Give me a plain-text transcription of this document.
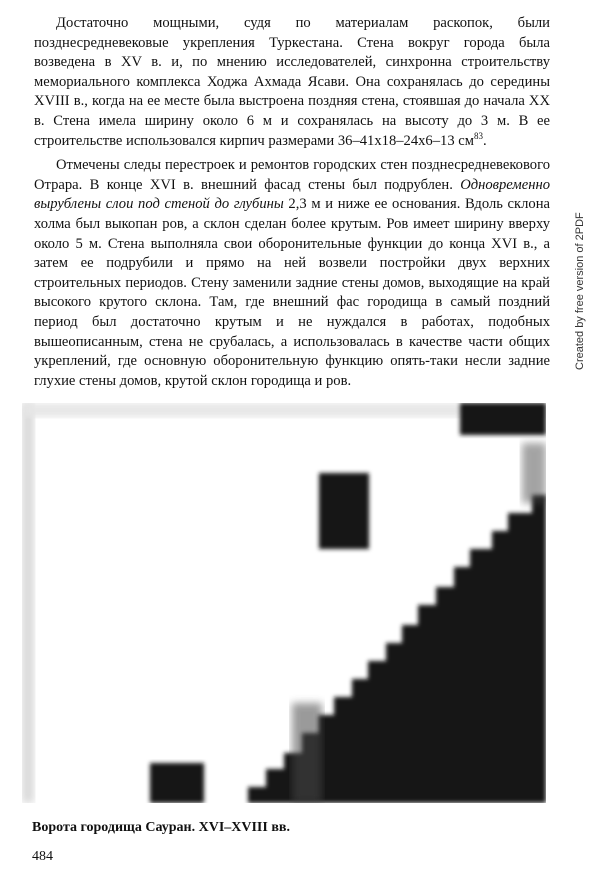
Достаточно мощными, судя по материалам раскопок, были позднесредневековые укрепления Туркестана. Стена вокруг города была возведена в XV в. и, по мнению исследователей, синхронна строительству мемориального комплекса Ходжа Ахмада Ясави. Она сохранялась до середины XVIII в., когда на ее месте была выстроена поздняя стена, стоявшая до начала XX в. Стена имела ширину около 6 м и сохранялась на высоту до 3 м. В ее строительстве использовался кирпич размерами 36–41х18–24х6–13 $см^{83}$.

Отмечены следы перестроек и ремонтов городских стен позднесредневекового Отрара. В конце XVI в. внешний фасад стены был подрублен. Одновременно вырублены слои под стеной до глубины 2,3 м и ниже ее основания. Вдоль склона холма был выкопан ров, а склон сделан более крутым. Ров имеет ширину вверху около 5 м. Стена выполняла свои оборонительные функции до конца XVI в., а затем ее подрубили и прямо на ней возвели постройки двух верхних строительных периодов. Стену заменили задние стены домов, выходящие на край высокого крутого склона. Там, где внешний фас городища в самый поздний период был достаточно крутым и не нуждался в работах, подобных вышеописанным, стена не срубалась, а использовалась в качестве части общих укреплений, где основную оборонительную функцию опять-таки несли задние глухие стены домов, крутой склон городища и ров.

Created by free version of 2PDF
Ворота городища Сауран. XVI–XVIII вв.
484
